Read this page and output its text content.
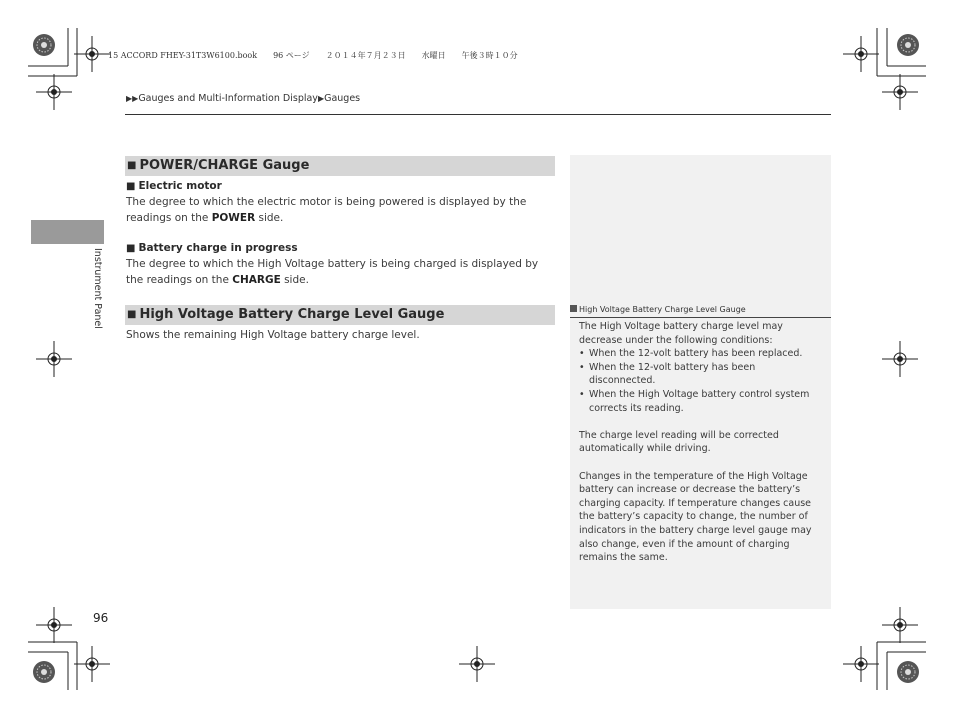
15 ACCORD FHEY-31T3W6100.book　　96 ページ　　２０１４年７月２３日　　水曜日　　午後３時１０分
▶▶Gauges and Multi-Information Display▶Gauges
Instrument Panel
■ POWER/CHARGE Gauge
■ Electric motor
The degree to which the electric motor is being powered is displayed by the readings on the POWER side.
■ Battery charge in progress
The degree to which the High Voltage battery is being charged is displayed by the readings on the CHARGE side.
■ High Voltage Battery Charge Level Gauge
Shows the remaining High Voltage battery charge level.
High Voltage Battery Charge Level Gauge

The High Voltage battery charge level may decrease under the following conditions:

• When the 12-volt battery has been replaced.
• When the 12-volt battery has been disconnected.
• When the High Voltage battery control system corrects its reading.

The charge level reading will be corrected automatically while driving.

Changes in the temperature of the High Voltage battery can increase or decrease the battery’s charging capacity. If temperature changes cause the battery’s capacity to change, the number of indicators in the battery charge level gauge may also change, even if the amount of charging remains the same.

96
